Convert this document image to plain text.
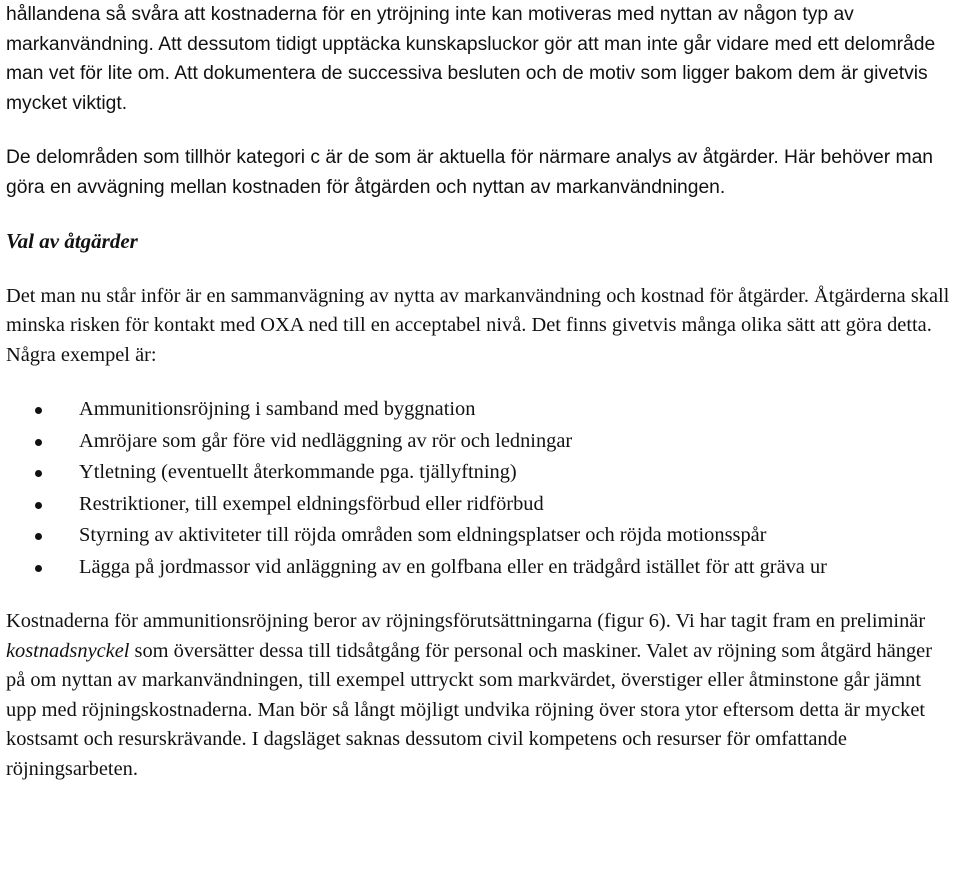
hållandena så svåra att kostnaderna för en ytröjning inte kan motiveras med nyttan av någon typ av markanvändning. Att dessutom tidigt upptäcka kunskapsluckor gör att man inte går vidare med ett delområde man vet för lite om. Att dokumentera de successiva besluten och de motiv som ligger bakom dem är givetvis mycket viktigt.

De delområden som tillhör kategori c är de som är aktuella för närmare analys av åtgärder. Här behöver man göra en avvägning mellan kostnaden för åtgärden och nyttan av markanvändningen.

Val av åtgärder

Det man nu står inför är en sammanvägning av nytta av markanvändning och kostnad för åtgärder. Åtgärderna skall minska risken för kontakt med OXA ned till en acceptabel nivå. Det finns givetvis många olika sätt att göra detta. Några exempel är:

Ammunitionsröjning i samband med byggnation
Amröjare som går före vid nedläggning av rör och ledningar
Ytletning (eventuellt återkommande pga. tjällyftning)
Restriktioner, till exempel eldningsförbud eller ridförbud
Styrning av aktiviteter till röjda områden som eldningsplatser och röjda motionsspår
Lägga på jordmassor vid anläggning av en golfbana eller en trädgård istället för att gräva ur

Kostnaderna för ammunitionsröjning beror av röjningsförutsättningarna (figur 6). Vi har tagit fram en preliminär kostnadsnyckel som översätter dessa till tidsåtgång för personal och maskiner. Valet av röjning som åtgärd hänger på om nyttan av markanvändningen, till exempel uttryckt som markvärdet, överstiger eller åtminstone går jämnt upp med röjningskostnaderna. Man bör så långt möjligt undvika röjning över stora ytor eftersom detta är mycket kostsamt och resurskrävande. I dagsläget saknas dessutom civil kompetens och resurser för omfattande röjningsarbeten.
